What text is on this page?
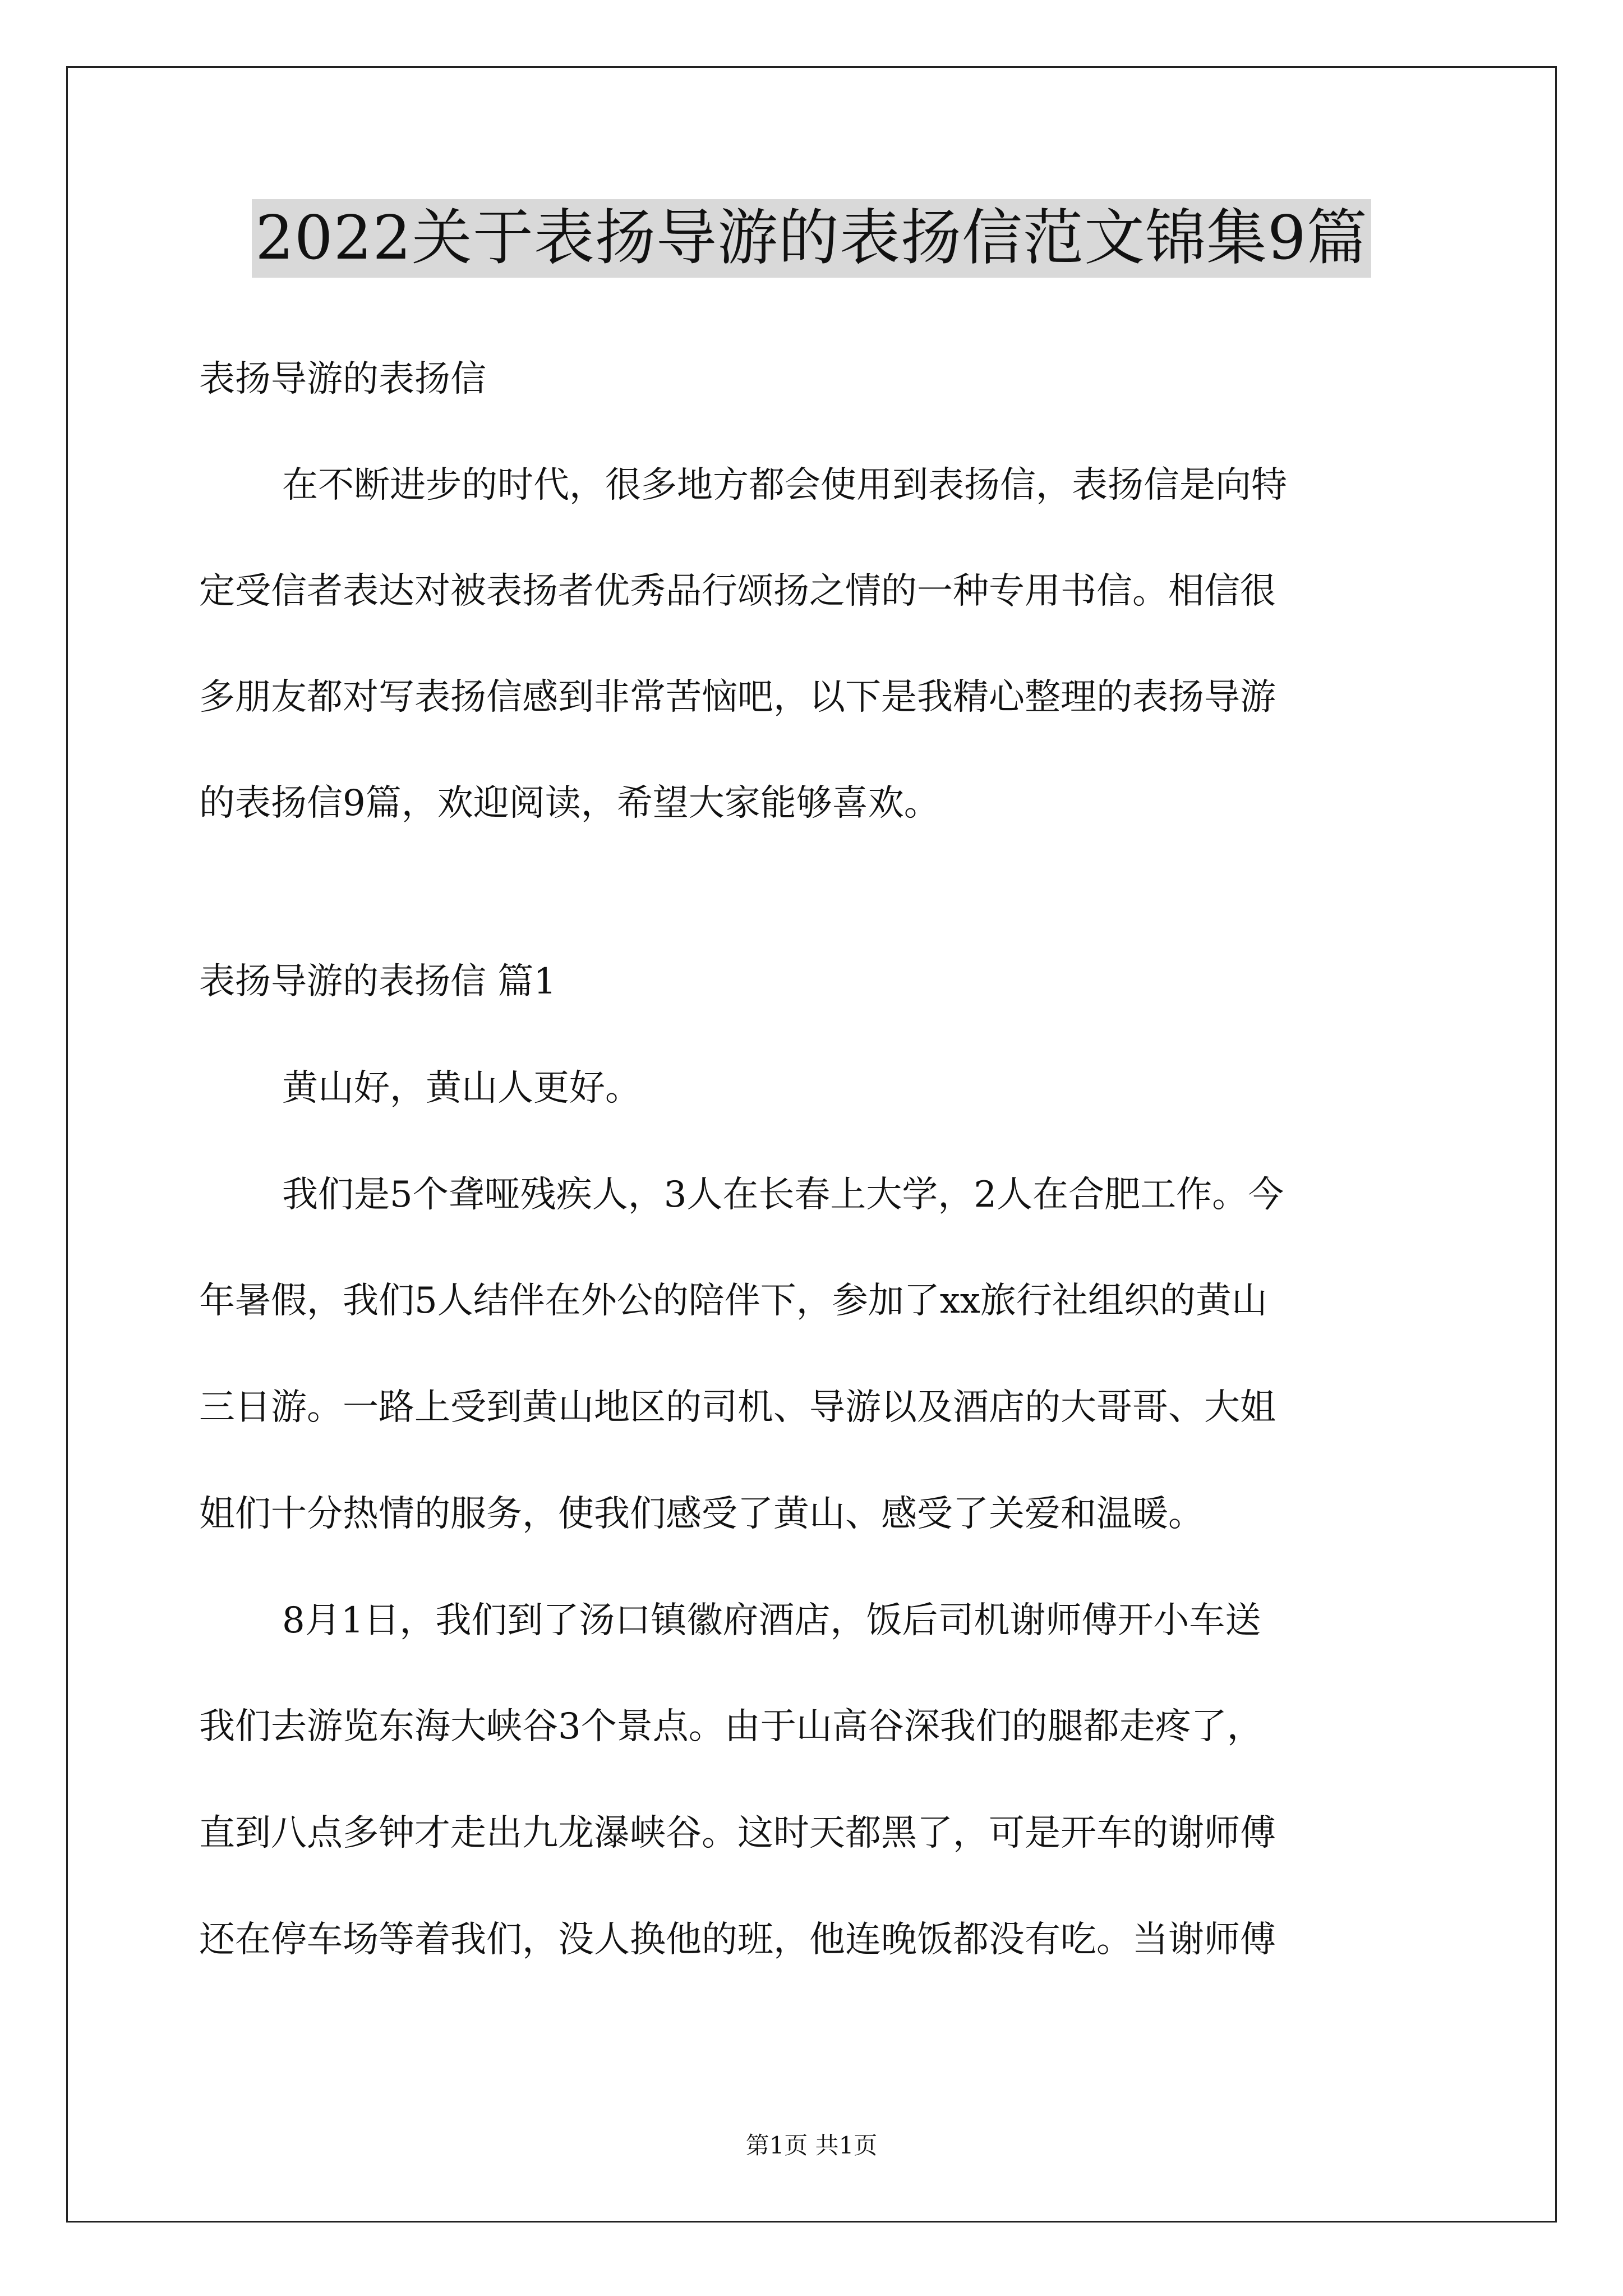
2022关于表扬导游的表扬信范文锦集9篇
表扬导游的表扬信
在不断进步的时代，很多地方都会使用到表扬信，表扬信是向特
定受信者表达对被表扬者优秀品行颂扬之情的一种专用书信。相信很
多朋友都对写表扬信感到非常苦恼吧，以下是我精心整理的表扬导游
的表扬信9篇，欢迎阅读，希望大家能够喜欢。
表扬导游的表扬信 篇1
黄山好，黄山人更好。
我们是5个聋哑残疾人，3人在长春上大学，2人在合肥工作。今
年暑假，我们5人结伴在外公的陪伴下，参加了xx旅行社组织的黄山
三日游。一路上受到黄山地区的司机、导游以及酒店的大哥哥、大姐
姐们十分热情的服务，使我们感受了黄山、感受了关爱和温暖。
8月1日，我们到了汤口镇徽府酒店，饭后司机谢师傅开小车送
我们去游览东海大峡谷3个景点。由于山高谷深我们的腿都走疼了，
直到八点多钟才走出九龙瀑峡谷。这时天都黑了，可是开车的谢师傅
还在停车场等着我们，没人换他的班，他连晚饭都没有吃。当谢师傅
第1页 共1页
